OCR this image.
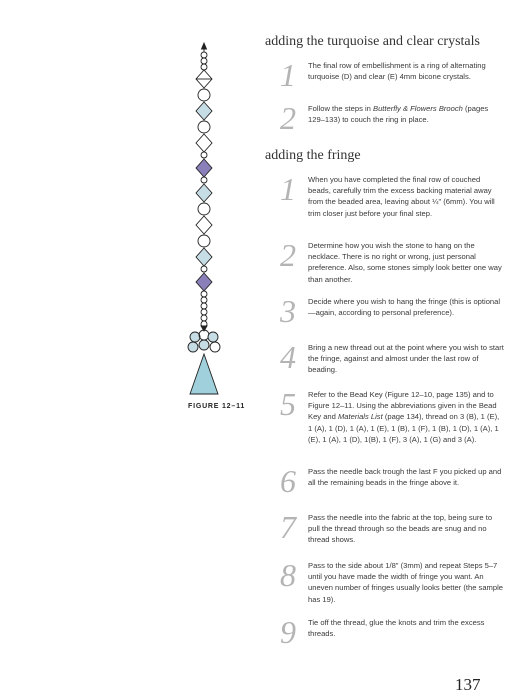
FIGURE 12–11
adding the turquoise and clear crystals
1	The final row of embellishment is a ring of alternating turquoise (D) and clear (E) 4mm bicone crystals.
2	Follow the steps in Butterfly & Flowers Brooch (pages 129–133) to couch the ring in place.
adding the fringe
1	When you have completed the final row of couched beads, carefully trim the excess backing material away from the beaded area, leaving about ¼" (6mm). You will trim closer just before your final step.
2	Determine how you wish the stone to hang on the necklace. There is no right or wrong, just personal preference. Also, some stones simply look better one way than another.
3	Decide where you wish to hang the fringe (this is optional—again, according to personal preference).
4	Bring a new thread out at the point where you wish to start the fringe, against and almost under the last row of beading.
5	Refer to the Bead Key (Figure 12–10, page 135) and to Figure 12–11. Using the abbreviations given in the Bead Key and Materials List (page 134), thread on 3 (B), 1 (E), 1 (A), 1 (D), 1 (A), 1 (E), 1 (B), 1 (F), 1 (B), 1 (D), 1 (A), 1 (E), 1 (A), 1 (D), 1(B), 1 (F), 3 (A), 1 (G) and 3 (A).
6	Pass the needle back trough the last F you picked up and all the remaining beads in the fringe above it.
7	Pass the needle into the fabric at the top, being sure to pull the thread through so the beads are snug and no thread shows.
8	Pass to the side about 1/8" (3mm) and repeat Steps 5–7 until you have made the width of fringe you want. An uneven number of fringes usually looks better (the sample has 19).
9	Tie off the thread, glue the knots and trim the excess threads.
137
